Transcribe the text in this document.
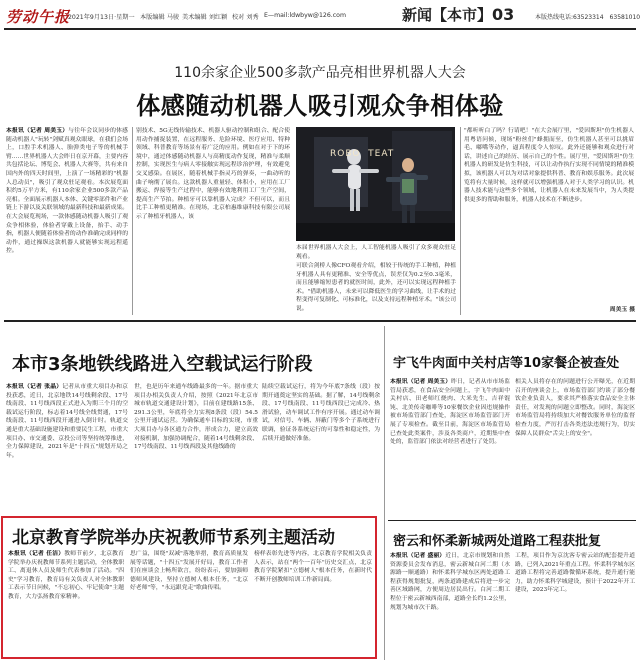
劳动午报
2021年9月13日·星期一 本版编辑 马骏 美术编辑 刘红颖 校对 刘秀 E—mail:ldwbyw@126.com	新闻【本市】03	本版热线电话:63523314　63581010
110余家企业500多款产品亮相世界机器人大会
体感随动机器人吸引观众争相体验
本报讯（记者 周美玉）与往年会议同步的体感随动机器人"玩转"剑赋真观众眼球，在我们会场上，口腔手术机器人、胎弹类电子等的机械手臂……世界机器人大会昨日在京开幕，主要内容共包括论坛、博览会、机器人大赛等，共有来自国内外的四天时间里，上演了一场精彩的"机器人总动员"，吸引了观众驻足观看。本次展览面积约5万平方米，有110余家企业500多款产品亮相。全面展示机器人本体、关键零部件和产业链上下游以及关联领域的最新科技和最新成果。在大会展览现场，一款体感随动机器人吸引了观众争相体验，体验者穿戴上设备，抬手、动手指，机器人便随着体验者的动作准确完成同样的动作，通过操纵这款机器人就能够实现远程遥控。
别技术、5G无线传输技术、机器人驱动控制和组合、配合使用动作捕捉装置，在远程服务、危险环境、医疗应用、特种领域、科普教育等场景有着广泛的应用。例如在对于下的环境中，通过体感随动机器人与高精度动作复现，精准与柔顺控制，实现医生与病人零接触实现远程诊治护理，有效避免交叉感染。在展区，随着机械手指灵巧的弹奏，一曲动听的曲子响彻了展台。这款机器人重量轻、体积小，应用在工厂搬运、焊接等生产过程中，能够有效地利用工厂生产空间，提高生产节拍。种植牙可以靠机器人完成？不但可以，而且比手工种植更精准。在现场，北京柏惠维康科技有限公司展示了种植牙机器人，该
ROBO  TEAT
本届世界机器人大会上，人工智能机器人吸引了众多观众驻足观看。
可联合剑桥人像CFO观看介绍，相较于传统的手工种植，种植牙机器人具有更精准、安全等优点，误差仅为0.2至0.3毫米，而且能够缩短患者的就医时间，此外，还可以实现远程种植手术。"借助机器人，未来可以降低医生的学习曲线，让手术的过程变得可复制化、可标准化，以及支持远程种植牙术。"该公司说。
"都听听白了吗？行请吧！"在大会展厅里，"爱因斯坦"仿生机器人用粤语问候，现场"粉丝们"蜂拥而至，仿生机器人甚至可以挑眉毛、嘟嘴等动作，逼真程度令人惊叹。此外还能够和观众进行对话，讲述自己的经历、展示自己的个性。展厅里，"爱因斯坦"仿生机器人的研发是仿生科技，可以让动作执行实现不同情境的精准模拟，该机器人可以为对话对象提供科普、教育和娱乐服务。此次展览将有大量时候，这样就可以增强机器人对于人类学习的认识。机器人技术能与这些多个领域，让机器人在未来发展当中，为人类提供更多的帮助和服务，机器人技术在不断进步。
周美玉 摄
本市3条地铁线路进入空载试运行阶段
本报讯（记者 张晶）记者从市重大项目办和京投获悉，近日，北京地铁14号线剩余段、17号线南段、11号线西段正式进入为期三个月的空载试运行阶段，标志着14号线全线贯通，17号线南段、11号线西段开通进入倒计时。轨道交通是重大基础设施建设和重要民生工程，市重大项目办、市交通委、京投公司等坚持统筹推进，全力保障建设，2021年是"十四五"规划开局之年。
世，也是历年来通车线路最多的一年。据市重大项目办相关负责人介绍，按照《2021年北京市城市轨道交通建设计划》，目前在建线路15条、291.3公里，年底将全力实现8条段（段）54.5公里开通试运营。为确保通车目标的实现，市重大项目办与各区通力合作，形成合力，建立高效对接机制，加强协调配合，随着14号线剩余段、17号线南段、11号线西段及其他线路的
陆续空载试运行，将为今年底7条线（段）按期开通奠定坚实的基础。据了解，14号线剩余段、17号线南段、11号线西段已完成冷、热滑试验，动车调试工作有序开展。通过动车调试，对信号、车辆、屏蔽门等多个子系统进行联调，验证各系统运行的可靠性和稳定性，为后续开通做好准备。
宇飞牛肉面中关村店等10家餐企被查处
本报讯（记者 周美玉）昨日，记者从市市场监管局获悉，在食品安全问题上，宇飞牛肉面中关村店、田老师红烧肉、大米先生、吉祥馄饨、北美传奇咖啡等10家餐饮企业因违规操作被市场监管部门查处，海淀区市场监管部门开展了专项检查。截至目前，海淀区市场监管局已查处此类案件，涉及各类商户，近期集中查处的，监管部门依法对经营者进行了处罚。
相关人员将存在的问题进行公开曝光，在近期召开的座谈会上，市场监管部门约谈了部分餐饮企业负责人，要求其严格落实食品安全主体责任，对发现的问题立即整改。同时，海淀区市场监管局将持续加大对餐饮服务单位的监督检查力度，严厉打击各类违法违规行为，切实保障人民群众"舌尖上的安全"。
北京教育学院举办庆祝教师节系列主题活动
本报讯（记者 任洁）教师节前夕，北京教育学院举办庆祝教师节系列主题活动，全体教职工、离退休人员及师生代表参加了活动。"四史"学习教育，教育局有关负责人对全体教职工表示节日问候，"不忘初心、牢记使命"主题教育，大力弘扬教育家精神。
思广益，围绕"双减"落地举措，教育高质量发展等话题，"十四五"发展开好局，教育工作者们在座谈会上畅所欲言，纷纷表示，要加强师德师风建设，坚持立德树人根本任务，"北京好老师"等，"永远跟党走"歌曲传唱。
榜样表彰先进等内容，北京教育学院相关负责人表示，站在"两个一百年"历史交汇点，北京教育学院紧扣"立德树人"根本任务，在新时代不断开创教师培训工作新局面。
密云和怀柔新城两处道路工程获批复
本报讯（记者 盛丽）近日，北京市规划和自然资源委员会发布消息，密云新城白河二期（水源路一顺通路）和怀柔科学城东区两处道路工程获得规划批复，两条道路建成后将进一步完善区域路网，方便周边居民出行。白河二期工程位于密云新城西南部，道路全长约1.2公里，规划为城市次干路。
工程，项目作为京沈客专密云站的配套提升道路，已列入2021年重点工程。怀柔科学城东区道路工程将完善道路微循环系统，提升通行能力，助力怀柔科学城建设，预计于2022年开工建设，2023年完工。
